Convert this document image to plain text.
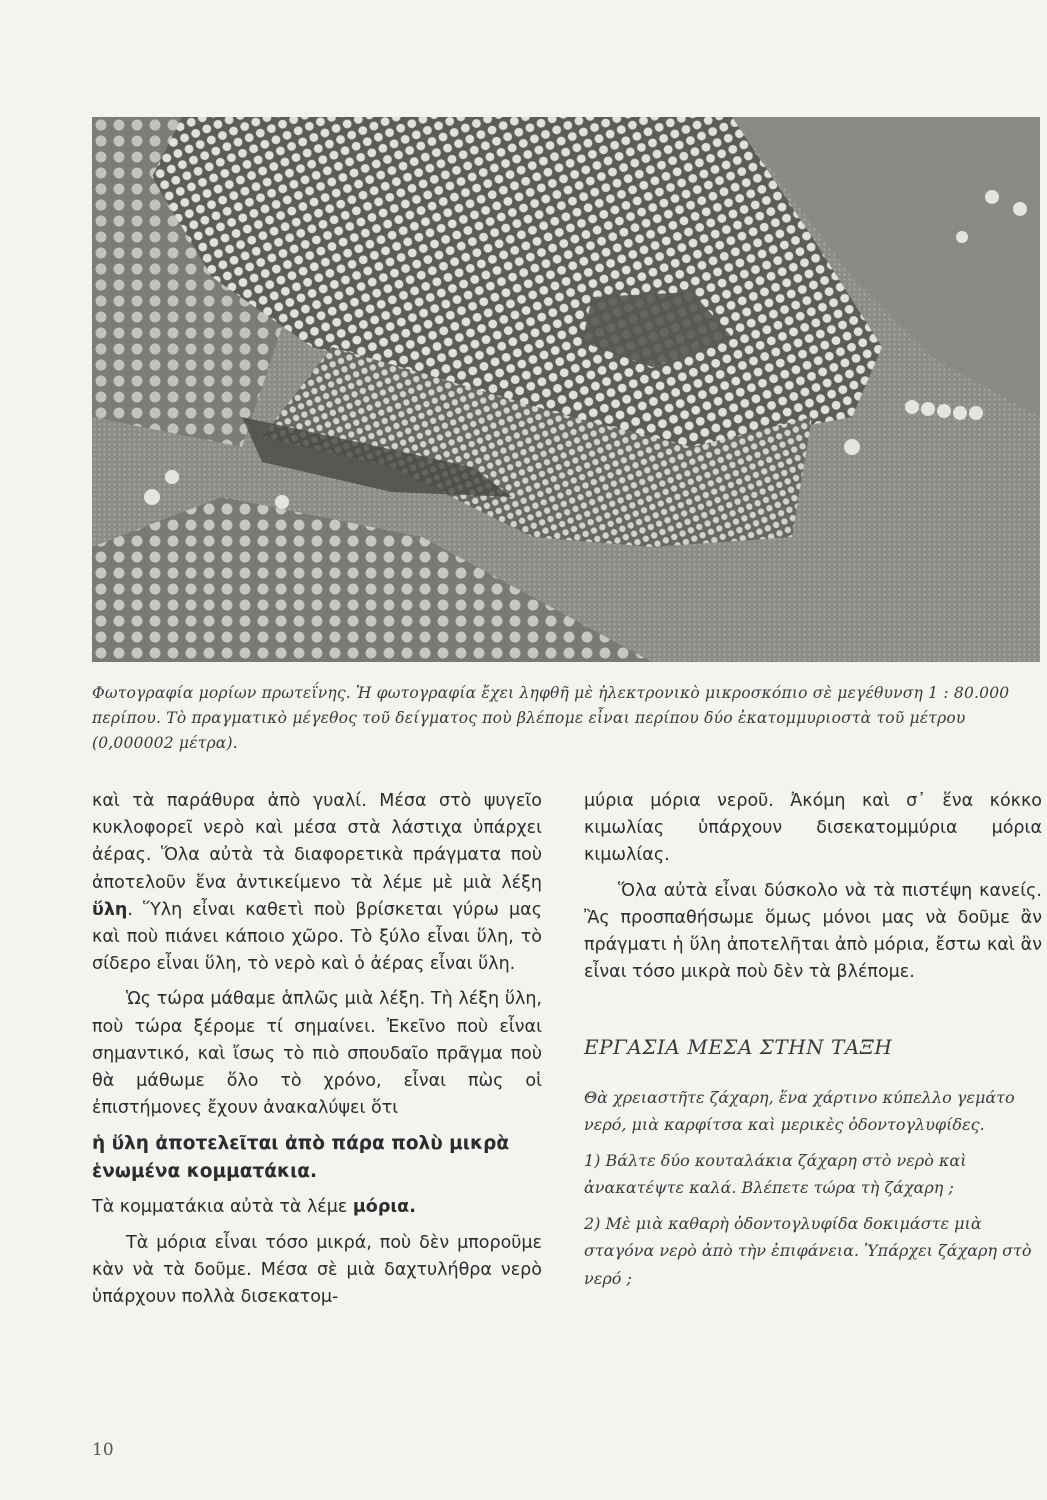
Φωτογραφία μορίων πρωτεΐνης. Ἡ φωτογραφία ἔχει ληφθῆ μὲ ἠλεκτρονικὸ μικροσκόπιο σὲ μεγέθυνση 1 : 80.000 περίπου. Τὸ πραγματικὸ μέγεθος τοῦ δείγματος ποὺ βλέπομε εἶναι περίπου δύο ἑκατομμυριοστὰ τοῦ μέτρου (0,000002 μέτρα).

καὶ τὰ παράθυρα ἀπὸ γυαλί. Μέσα στὸ ψυγεῖο κυκλοφορεῖ νερὸ καὶ μέσα στὰ λάστιχα ὑπάρχει ἀέρας. Ὅλα αὐτὰ τὰ διαφορετικὰ πράγματα ποὺ ἀποτελοῦν ἕνα ἀντικείμενο τὰ λέμε μὲ μιὰ λέξη ὕλη. Ὕλη εἶναι καθετὶ ποὺ βρίσκεται γύρω μας καὶ ποὺ πιάνει κάποιο χῶρο. Τὸ ξύλο εἶναι ὕλη, τὸ σίδερο εἶναι ὕλη, τὸ νερὸ καὶ ὁ ἀέρας εἶναι ὕλη.

Ὡς τώρα μάθαμε ἁπλῶς μιὰ λέξη. Τὴ λέξη ὕλη, ποὺ τώρα ξέρομε τί σημαίνει. Ἐκεῖνο ποὺ εἶναι σημαντικό, καὶ ἴσως τὸ πιὸ σπουδαῖο πρᾶγμα ποὺ θὰ μάθωμε ὅλο τὸ χρόνο, εἶναι πὼς οἱ ἐπιστήμονες ἔχουν ἀνακαλύψει ὅτι

ἡ ὕλη ἀποτελεῖται ἀπὸ πάρα πολὺ μικρὰ ἑνωμένα κομματάκια.

Τὰ κομματάκια αὐτὰ τὰ λέμε μόρια.

Τὰ μόρια εἶναι τόσο μικρά, ποὺ δὲν μποροῦμε κὰν νὰ τὰ δοῦμε. Μέσα σὲ μιὰ δαχτυλήθρα νερὸ ὑπάρχουν πολλὰ δισεκατομ-

μύρια μόρια νεροῦ. Ἀκόμη καὶ σ᾽ ἕνα κόκκο κιμωλίας ὑπάρχουν δισεκατομμύρια μόρια κιμωλίας.

Ὅλα αὐτὰ εἶναι δύσκολο νὰ τὰ πιστέψη κανείς. Ἂς προσπαθήσωμε ὅμως μόνοι μας νὰ δοῦμε ἂν πράγματι ἡ ὕλη ἀποτελῆται ἀπὸ μόρια, ἔστω καὶ ἂν εἶναι τόσο μικρὰ ποὺ δὲν τὰ βλέπομε.

ΕΡΓΑΣΙΑ ΜΕΣΑ ΣΤΗΝ ΤΑΞΗ

Θὰ χρειαστῆτε ζάχαρη, ἕνα χάρτινο κύπελλο γεμάτο νερό, μιὰ καρφίτσα καὶ μερικὲς ὀδοντογλυφίδες.

1) Βάλτε δύο κουταλάκια ζάχαρη στὸ νερὸ καὶ ἀνακατέψτε καλά. Βλέπετε τώρα τὴ ζάχαρη ;

2) Μὲ μιὰ καθαρὴ ὀδοντογλυφίδα δοκιμάστε μιὰ σταγόνα νερὸ ἀπὸ τὴν ἐπιφάνεια. Ὑπάρχει ζάχαρη στὸ νερό ;

10
